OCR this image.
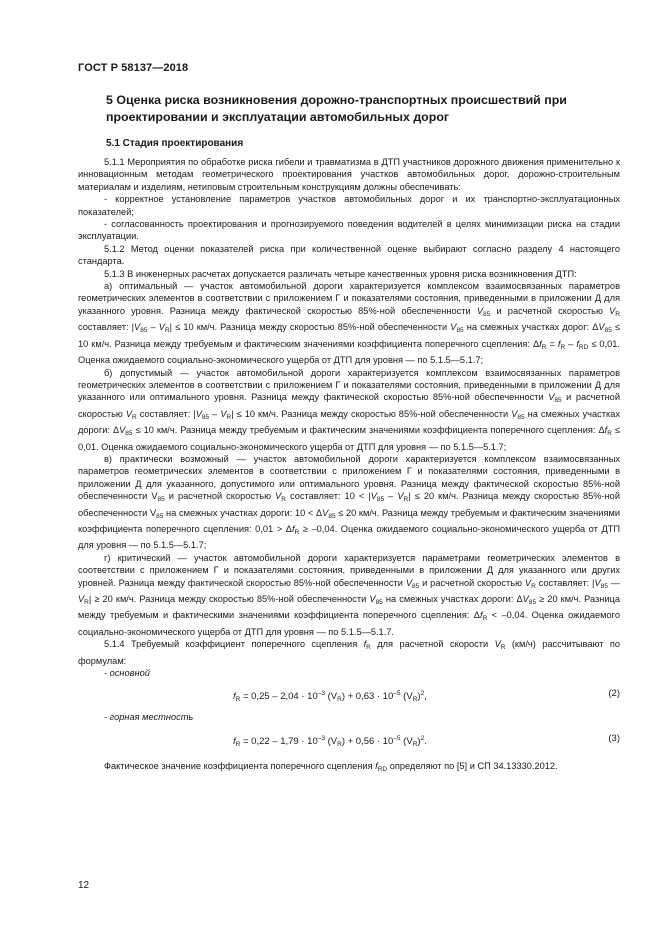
ГОСТ Р 58137—2018
5 Оценка риска возникновения дорожно-транспортных происшествий при проектировании и эксплуатации автомобильных дорог
5.1 Стадия проектирования

5.1.1 Мероприятия по обработке риска гибели и травматизма в ДТП участников дорожного движения применительно к инновационным методам геометрического проектирования участков автомобильных дорог, дорожно-строительным материалам и изделиям, нетиповым строительным конструкциям должны обеспечивать:

- корректное установление параметров участков автомобильных дорог и их транспортно-эксплуатационных показателей;

- согласованность проектирования и прогнозируемого поведения водителей в целях минимизации риска на стадии эксплуатации.

5.1.2 Метод оценки показателей риска при количественной оценке выбирают согласно разделу 4 настоящего стандарта.

5.1.3 В инженерных расчетах допускается различать четыре качественных уровня риска возникновения ДТП:

а) оптимальный — участок автомобильной дороги характеризуется комплексом взаимосвязанных параметров геометрических элементов в соответствии с приложением Г и показателями состояния, приведенными в приложении Д для указанного уровня. Разница между фактической скоростью 85%-ной обеспеченности $V_{85}$ и расчетной скоростью $V_R$ составляет: $|V_{85} - V_R| \le 10$ км/ч. Разница между скоростью 85%-ной обеспеченности $V_{85}$ на смежных участках дорог: $\Delta V_{85} \le 10$ км/ч. Разница между требуемым и фактическим значениями коэффициента поперечного сцепления: $\Delta f_R = f_R - f_{RD} \le 0,01$. Оценка ожидаемого социально-экономического ущерба от ДТП для уровня — по 5.1.5—5.1.7;

б) допустимый — участок автомобильной дороги характеризуется комплексом взаимосвязанных параметров геометрических элементов в соответствии с приложением Г и показателями состояния, приведенными в приложении Д для указанного или оптимального уровня. Разница между фактической скоростью 85%-ной обеспеченности $V_{85}$ и расчетной скоростью $V_R$ составляет: $|V_{85} - V_R| \le 10$ км/ч. Разница между скоростью 85%-ной обеспеченности $V_{85}$ на смежных участках дороги: $\Delta V_{85} \le 10$ км/ч. Разница между требуемым и фактическим значениями коэффициента поперечного сцепления: $\Delta f_R \le 0,01$. Оценка ожидаемого социально-экономического ущерба от ДТП для уровня — по 5.1.5—5.1.7;

в) практически возможный — участок автомобильной дороги характеризуется комплексом взаимосвязанных параметров геометрических элементов в соответствии с приложением Г и показателями состояния, приведенными в приложении Д для указанного, допустимого или оптимального уровня. Разница между фактической скоростью 85%-ной обеспеченности $V_{85}$ и расчетной скоростью $V_R$ составляет: $10 < |V_{85} - V_R| \le 20$ км/ч. Разница между скоростью 85%-ной обеспеченности $V_{85}$ на смежных участках дороги: $10 < \Delta V_{85} \le 20$ км/ч. Разница между требуемым и фактическим значениями коэффициента поперечного сцепления: $0,01 > \Delta f_R \ge -0,04$. Оценка ожидаемого социально-экономического ущерба от ДТП для уровня — по 5.1.5—5.1.7;

г) критический — участок автомобильной дороги характеризуется параметрами геометрических элементов в соответствии с приложением Г и показателями состояния, приведенными в приложении Д для указанного или других уровней. Разница между фактической скоростью 85%-ной обеспеченности $V_{85}$ и расчетной скоростью $V_R$ составляет: $|V_{85}$ — $V_R| \ge 20$ км/ч. Разница между скоростью 85%-ной обеспеченности $V_{85}$ на смежных участках дороги: $\Delta V_{85} \ge 20$ км/ч. Разница между требуемым и фактическими значениями коэффициента поперечного сцепления: $\Delta f_R < -0,04$. Оценка ожидаемого социально-экономического ущерба от ДТП для уровня — по 5.1.5—5.1.7.

5.1.4 Требуемый коэффициент поперечного сцепления $f_R$ для расчетной скорости $V_R$ (км/ч) рассчитывают по формулам:

- основной

$f_R = 0,25 - 2,04 \cdot 10^{-3}$ $(V_R) + 0,63 \cdot 10^{-5}$ $(V_R)^2$,	(2)

- горная местность

$f_R = 0,22 - 1,79 \cdot 10^{-3}$ $(V_R) + 0,56 \cdot 10^{-5}$ $(V_R)^2$.	(3)

Фактическое значение коэффициента поперечного сцепления $f_{RD}$ определяют по [5] и СП 34.13330.2012.

12
